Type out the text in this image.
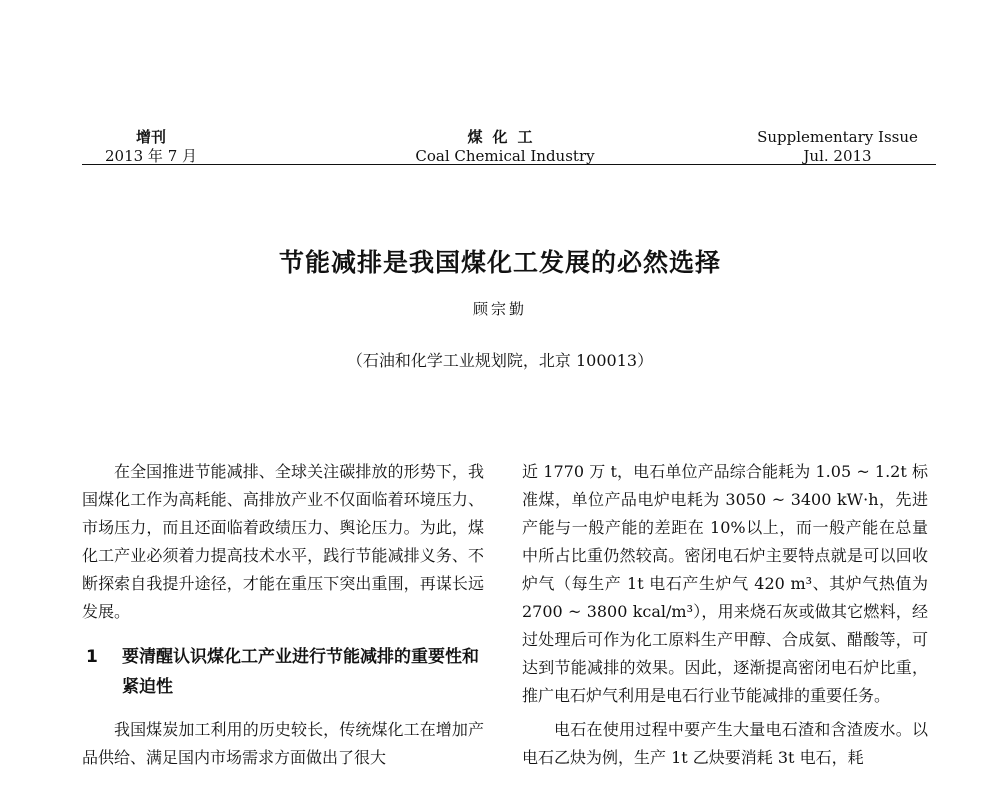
增刊
2013 年 7 月
煤化工
Coal Chemical Industry
Supplementary Issue
Jul. 2013
节能减排是我国煤化工发展的必然选择
顾宗勤
（石油和化学工业规划院，北京 100013）

在全国推进节能减排、全球关注碳排放的形势下，我国煤化工作为高耗能、高排放产业不仅面临着环境压力、市场压力，而且还面临着政绩压力、舆论压力。为此，煤化工产业必须着力提高技术水平，践行节能减排义务、不断探索自我提升途径，才能在重压下突出重围，再谋长远发展。

1	要清醒认识煤化工产业进行节能减排的重要性和紧迫性

我国煤炭加工利用的历史较长，传统煤化工在增加产品供给、满足国内市场需求方面做出了很大

近 1770 万 t，电石单位产品综合能耗为 1.05 ~ 1.2t 标准煤，单位产品电炉电耗为 3050 ~ 3400 kW·h，先进产能与一般产能的差距在 10%以上，而一般产能在总量中所占比重仍然较高。密闭电石炉主要特点就是可以回收炉气（每生产 1t 电石产生炉气 420 m³、其炉气热值为 2700 ~ 3800 kcal/m³），用来烧石灰或做其它燃料，经过处理后可作为化工原料生产甲醇、合成氨、醋酸等，可达到节能减排的效果。因此，逐渐提高密闭电石炉比重，推广电石炉气利用是电石行业节能减排的重要任务。

电石在使用过程中要产生大量电石渣和含渣废水。以电石乙炔为例，生产 1t 乙炔要消耗 3t 电石，耗
